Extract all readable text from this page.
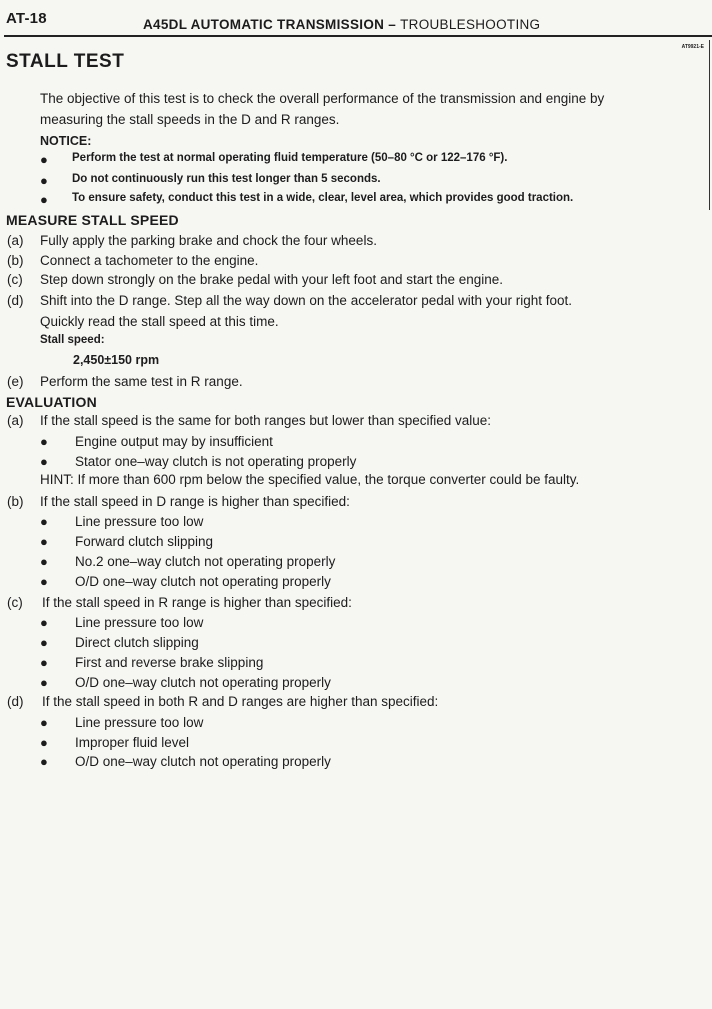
AT-18	A45DL AUTOMATIC TRANSMISSION – TROUBLESHOOTING
AT9921-E
STALL TEST
The objective of this test is to check the overall performance of the transmission and engine by
measuring the stall speeds in the D and R ranges.
NOTICE:
● Perform the test at normal operating fluid temperature (50–80 °C or 122–176 °F).
● Do not continuously run this test longer than 5 seconds.
● To ensure safety, conduct this test in a wide, clear, level area, which provides good traction.
MEASURE STALL SPEED
(a) Fully apply the parking brake and chock the four wheels.
(b) Connect a tachometer to the engine.
(c) Step down strongly on the brake pedal with your left foot and start the engine.
(d) Shift into the D range. Step all the way down on the accelerator pedal with your right foot.
Quickly read the stall speed at this time.
Stall speed:
2,450±150 rpm
(e) Perform the same test in R range.
EVALUATION
(a) If the stall speed is the same for both ranges but lower than specified value:
● Engine output may by insufficient
● Stator one–way clutch is not operating properly
HINT: If more than 600 rpm below the specified value, the torque converter could be faulty.
(b) If the stall speed in D range is higher than specified:
● Line pressure too low
● Forward clutch slipping
● No.2 one–way clutch not operating properly
● O/D one–way clutch not operating properly
(c) If the stall speed in R range is higher than specified:
● Line pressure too low
● Direct clutch slipping
● First and reverse brake slipping
● O/D one–way clutch not operating properly
(d) If the stall speed in both R and D ranges are higher than specified:
● Line pressure too low
● Improper fluid level
● O/D one–way clutch not operating properly
